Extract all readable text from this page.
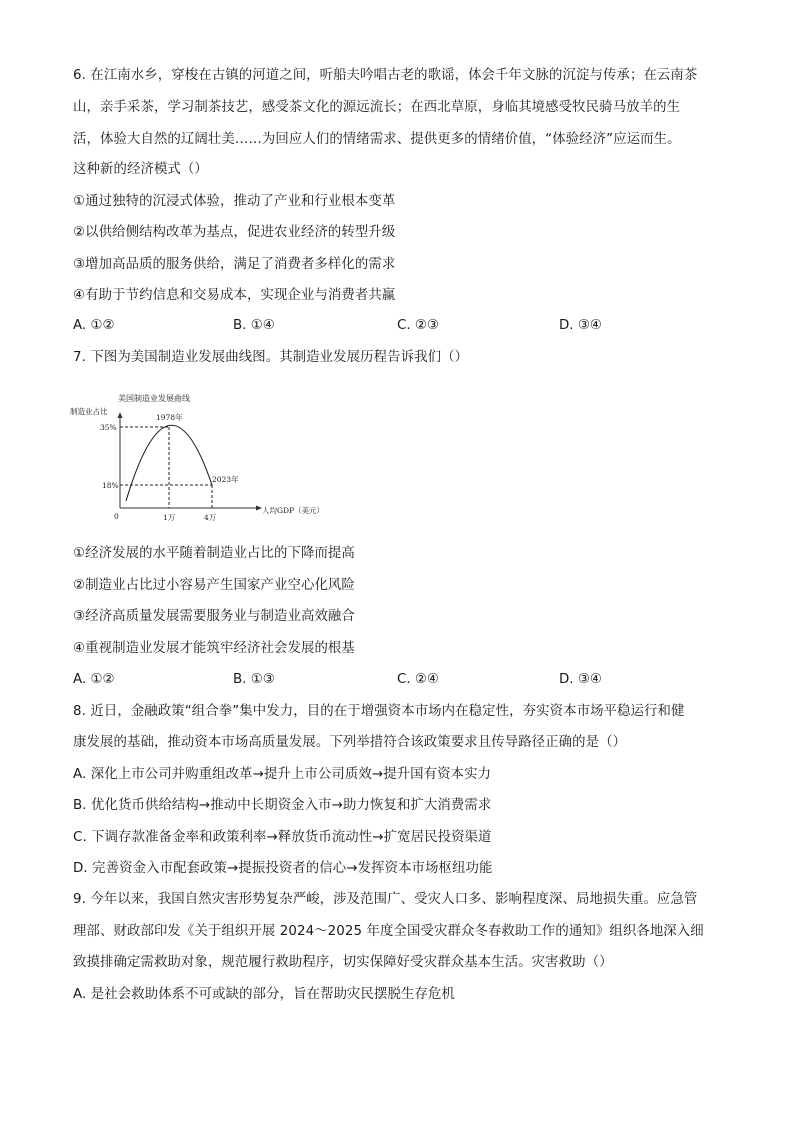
6. 在江南水乡，穿梭在古镇的河道之间，听船夫吟唱古老的歌谣，体会千年文脉的沉淀与传承；在云南茶
山，亲手采茶，学习制茶技艺，感受茶文化的源远流长；在西北草原，身临其境感受牧民骑马放羊的生
活，体验大自然的辽阔壮美……为回应人们的情绪需求、提供更多的情绪价值，“体验经济”应运而生。
这种新的经济模式（）
①通过独特的沉浸式体验，推动了产业和行业根本变革
②以供给侧结构改革为基点，促进农业经济的转型升级
③增加高品质的服务供给，满足了消费者多样化的需求
④有助于节约信息和交易成本，实现企业与消费者共赢
A. ①②	B. ①④	C. ②③	D. ③④
7. 下图为美国制造业发展曲线图。其制造业发展历程告诉我们（）
美国制造业发展曲线
制造业占比
人均GDP（美元）
0
35%
18%
1万	4万
1978年
2023年
①经济发展的水平随着制造业占比的下降而提高
②制造业占比过小容易产生国家产业空心化风险
③经济高质量发展需要服务业与制造业高效融合
④重视制造业发展才能筑牢经济社会发展的根基
A. ①②	B. ①③	C. ②④	D. ③④
8. 近日，金融政策“组合拳”集中发力，目的在于增强资本市场内在稳定性，夯实资本市场平稳运行和健
康发展的基础，推动资本市场高质量发展。下列举措符合该政策要求且传导路径正确的是（）
A. 深化上市公司并购重组改革→提升上市公司质效→提升国有资本实力
B. 优化货币供给结构→推动中长期资金入市→助力恢复和扩大消费需求
C. 下调存款准备金率和政策利率→释放货币流动性→扩宽居民投资渠道
D. 完善资金入市配套政策→提振投资者的信心→发挥资本市场枢纽功能
9. 今年以来，我国自然灾害形势复杂严峻，涉及范围广、受灾人口多、影响程度深、局地损失重。应急管
理部、财政部印发《关于组织开展 2024～2025 年度全国受灾群众冬春救助工作的通知》组织各地深入细
致摸排确定需救助对象，规范履行救助程序，切实保障好受灾群众基本生活。灾害救助（）
A. 是社会救助体系不可或缺的部分，旨在帮助灾民摆脱生存危机
